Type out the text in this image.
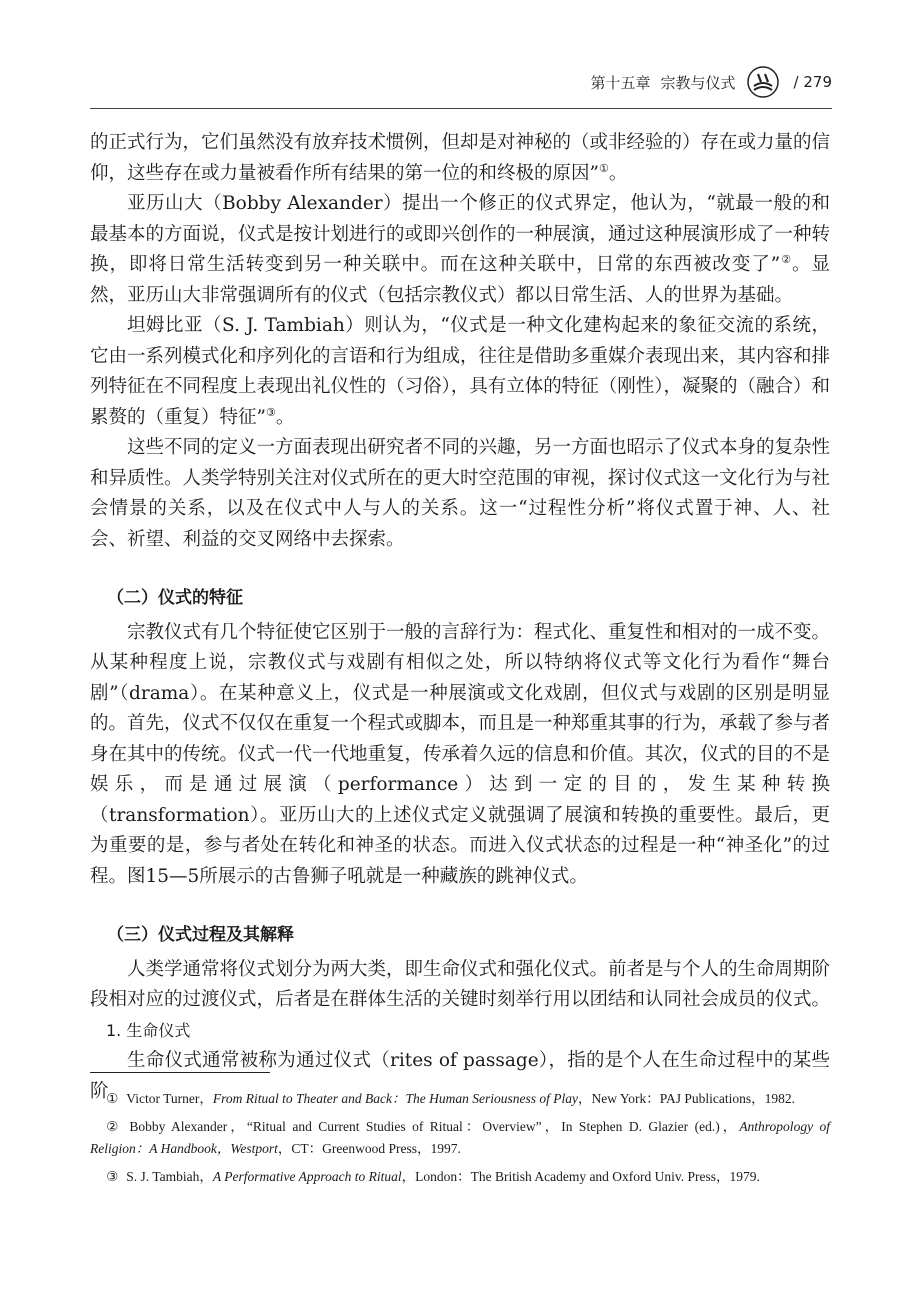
第十五章 宗教与仪式	/ 279

的正式行为，它们虽然没有放弃技术惯例，但却是对神秘的（或非经验的）存在或力量的信仰，这些存在或力量被看作所有结果的第一位的和终极的原因”①。

亚历山大（Bobby Alexander）提出一个修正的仪式界定，他认为，“就最一般的和最基本的方面说，仪式是按计划进行的或即兴创作的一种展演，通过这种展演形成了一种转换，即将日常生活转变到另一种关联中。而在这种关联中，日常的东西被改变了”②。显然，亚历山大非常强调所有的仪式（包括宗教仪式）都以日常生活、人的世界为基础。

坦姆比亚（S. J. Tambiah）则认为，“仪式是一种文化建构起来的象征交流的系统，它由一系列模式化和序列化的言语和行为组成，往往是借助多重媒介表现出来，其内容和排列特征在不同程度上表现出礼仪性的（习俗），具有立体的特征（刚性），凝聚的（融合）和累赘的（重复）特征”③。

这些不同的定义一方面表现出研究者不同的兴趣，另一方面也昭示了仪式本身的复杂性和异质性。人类学特别关注对仪式所在的更大时空范围的审视，探讨仪式这一文化行为与社会情景的关系，以及在仪式中人与人的关系。这一“过程性分析”将仪式置于神、人、社会、祈望、利益的交叉网络中去探索。

（二）仪式的特征

宗教仪式有几个特征使它区别于一般的言辞行为：程式化、重复性和相对的一成不变。从某种程度上说，宗教仪式与戏剧有相似之处，所以特纳将仪式等文化行为看作“舞台剧”（drama）。在某种意义上，仪式是一种展演或文化戏剧，但仪式与戏剧的区别是明显的。首先，仪式不仅仅在重复一个程式或脚本，而且是一种郑重其事的行为，承载了参与者身在其中的传统。仪式一代一代地重复，传承着久远的信息和价值。其次，仪式的目的不是娱乐，而是通过展演（performance）达到一定的目的，发生某种转换（transformation）。亚历山大的上述仪式定义就强调了展演和转换的重要性。最后，更为重要的是，参与者处在转化和神圣的状态。而进入仪式状态的过程是一种“神圣化”的过程。图15—5所展示的古鲁狮子吼就是一种藏族的跳神仪式。

（三）仪式过程及其解释

人类学通常将仪式划分为两大类，即生命仪式和强化仪式。前者是与个人的生命周期阶段相对应的过渡仪式，后者是在群体生活的关键时刻举行用以团结和认同社会成员的仪式。

1. 生命仪式

生命仪式通常被称为通过仪式（rites of passage），指的是个人在生命过程中的某些阶

① Victor Turner，From Ritual to Theater and Back：The Human Seriousness of Play，New York：PAJ Publications，1982.
② Bobby Alexander，“Ritual and Current Studies of Ritual：Overview”，In Stephen D. Glazier (ed.)，Anthropology of Religion：A Handbook，Westport，CT：Greenwood Press，1997.
③ S. J. Tambiah，A Performative Approach to Ritual，London：The British Academy and Oxford Univ. Press，1979.
